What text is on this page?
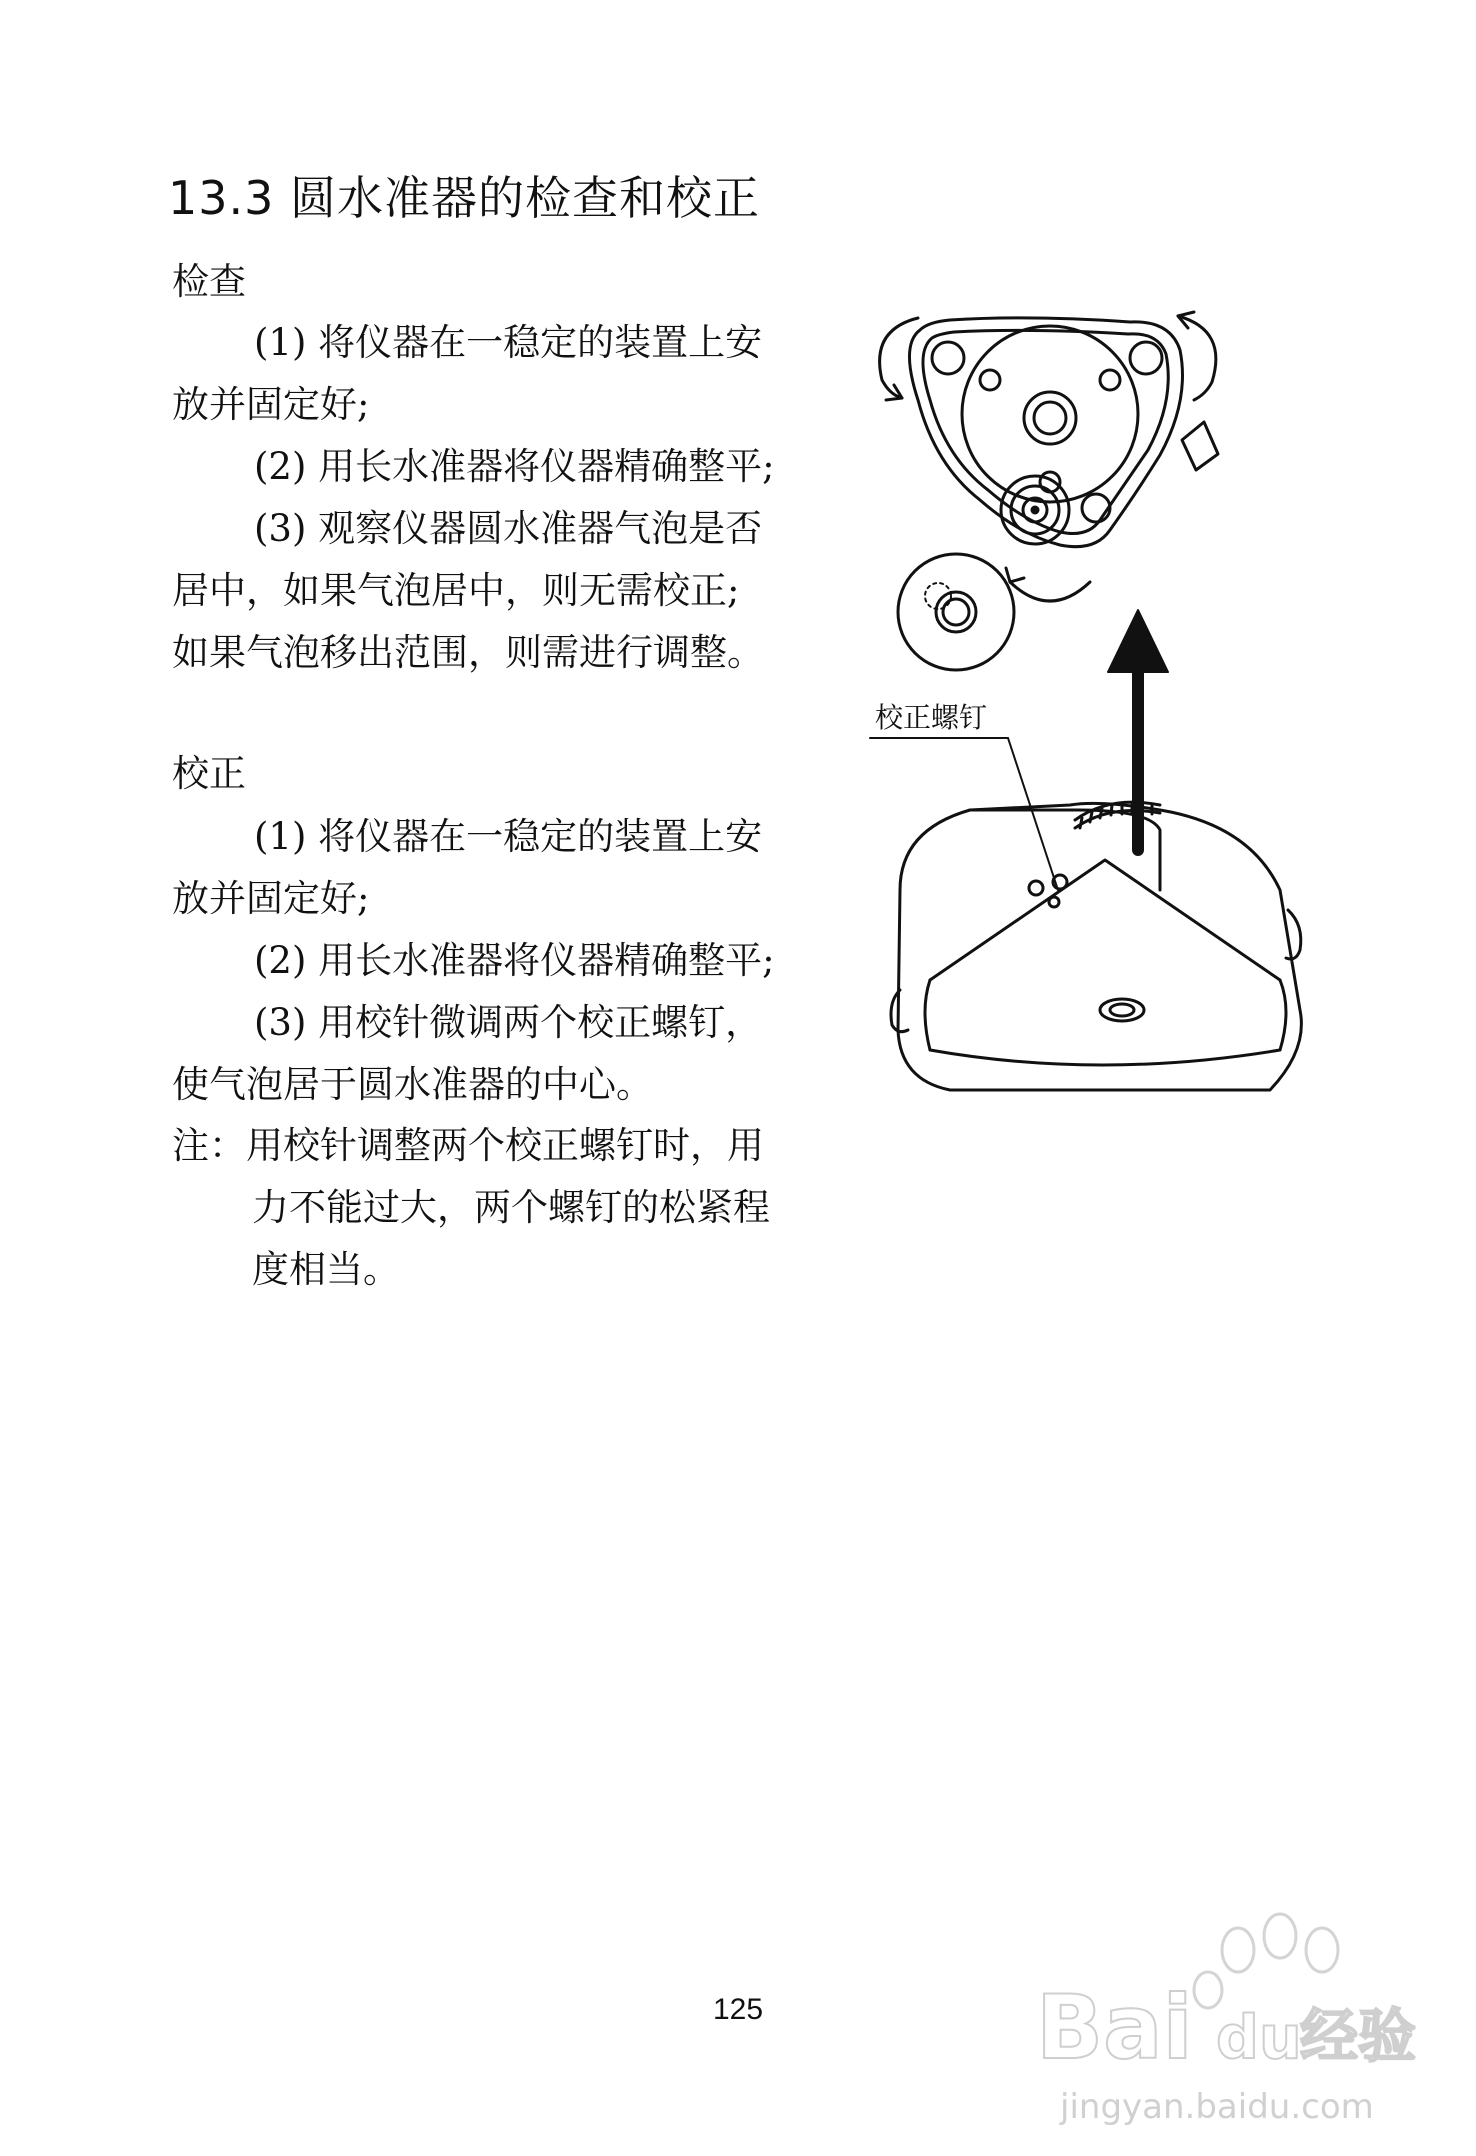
13.3 圆水准器的检查和校正
检查
(1) 将仪器在一稳定的装置上安
放并固定好;
(2) 用长水准器将仪器精确整平;
(3) 观察仪器圆水准器气泡是否
居中，如果气泡居中，则无需校正;
如果气泡移出范围，则需进行调整。
校正
(1) 将仪器在一稳定的装置上安
放并固定好;
(2) 用长水准器将仪器精确整平;
(3) 用校针微调两个校正螺钉，
使气泡居于圆水准器的中心。
注：用校针调整两个校正螺钉时，用
力不能过大，两个螺钉的松紧程
度相当。
校正螺钉
125	Bai du
经验
jingyan.baidu.com
